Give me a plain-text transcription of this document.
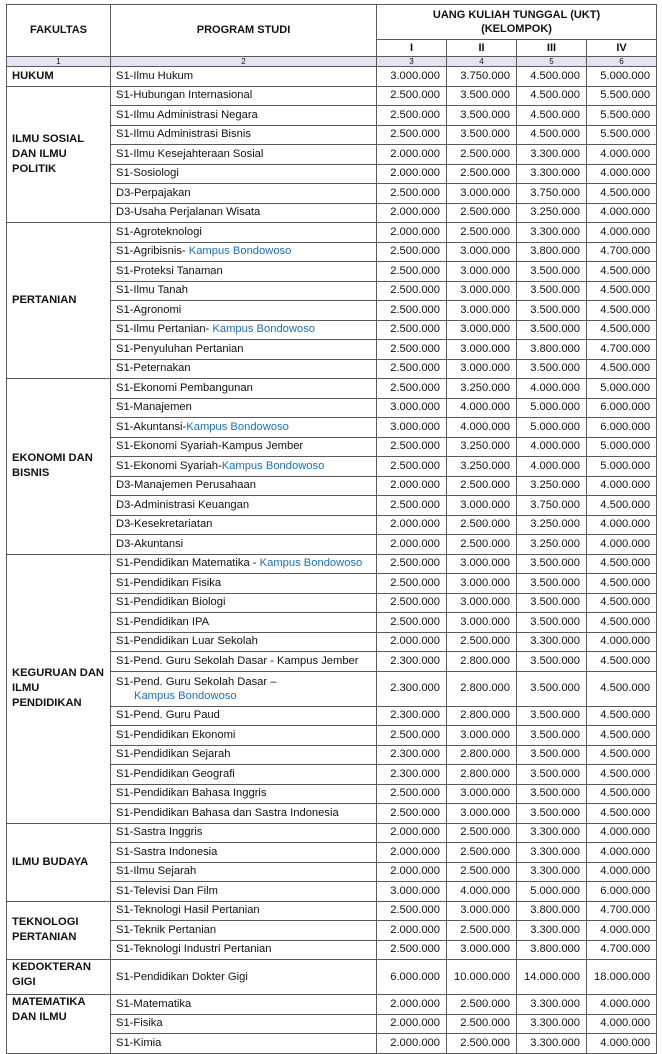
FAKULTAS	PROGRAM STUDI	UANG KULIAH TUNGGAL (UKT)
(KELOMPOK)			
		I	II	III	IV
1	2	3	4	5	6
HUKUM	S1-Ilmu Hukum	3.000.000	3.750.000	4.500.000	5.000.000
ILMU SOSIAL DAN ILMU POLITIK	S1-Hubungan Internasional	2.500.000	3.500.000	4.500.000	5.500.000
	S1-Ilmu Administrasi Negara	2.500.000	3.500.000	4.500.000	5.500.000
	S1-Ilmu Administrasi Bisnis	2.500.000	3.500.000	4.500.000	5.500.000
	S1-Ilmu Kesejahteraan Sosial	2.000.000	2.500.000	3.300.000	4.000.000
	S1-Sosiologi	2.000.000	2.500.000	3.300.000	4.000.000
	D3-Perpajakan	2.500.000	3.000.000	3.750.000	4.500.000
	D3-Usaha Perjalanan Wisata	2.000.000	2.500.000	3.250.000	4.000.000
PERTANIAN	S1-Agroteknologi	2.000.000	2.500.000	3.300.000	4.000.000
	S1-Agribisnis- Kampus Bondowoso	2.500.000	3.000.000	3.800.000	4.700.000
	S1-Proteksi Tanaman	2.500.000	3.000.000	3.500.000	4.500.000
	S1-Ilmu Tanah	2.500.000	3.000.000	3.500.000	4.500.000
	S1-Agronomi	2.500.000	3.000.000	3.500.000	4.500.000
	S1-Ilmu Pertanian- Kampus Bondowoso	2.500.000	3.000.000	3.500.000	4.500.000
	S1-Penyuluhan Pertanian	2.500.000	3.000.000	3.800.000	4.700.000
	S1-Peternakan	2.500.000	3.000.000	3.500.000	4.500.000
EKONOMI DAN BISNIS	S1-Ekonomi Pembangunan	2.500.000	3.250.000	4.000.000	5.000.000
	S1-Manajemen	3.000.000	4.000.000	5.000.000	6.000.000
	S1-Akuntansi-Kampus Bondowoso	3.000.000	4.000.000	5.000.000	6.000.000
	S1-Ekonomi Syariah-Kampus Jember	2.500.000	3.250.000	4.000.000	5.000.000
	S1-Ekonomi Syariah-Kampus Bondowoso	2.500.000	3.250.000	4.000.000	5.000.000
	D3-Manajemen Perusahaan	2.000.000	2.500.000	3.250.000	4.000.000
	D3-Administrasi Keuangan	2.500.000	3.000.000	3.750.000	4.500.000
	D3-Kesekretariatan	2.000.000	2.500.000	3.250.000	4.000.000
	D3-Akuntansi	2.000.000	2.500.000	3.250.000	4.000.000
KEGURUAN DAN ILMU PENDIDIKAN	S1-Pendidikan Matematika - Kampus Bondowoso	2.500.000	3.000.000	3.500.000	4.500.000
	S1-Pendidikan Fisika	2.500.000	3.000.000	3.500.000	4.500.000
	S1-Pendidikan Biologi	2.500.000	3.000.000	3.500.000	4.500.000
	S1-Pendidikan IPA	2.500.000	3.000.000	3.500.000	4.500.000
	S1-Pendidikan Luar Sekolah	2.000.000	2.500.000	3.300.000	4.000.000
	S1-Pend. Guru Sekolah Dasar - Kampus Jember	2.300.000	2.800.000	3.500.000	4.500.000
	S1-Pend. Guru Sekolah Dasar –
Kampus Bondowoso	2.300.000	2.800.000	3.500.000	4.500.000
	S1-Pend. Guru Paud	2.300.000	2.800.000	3.500.000	4.500.000
	S1-Pendidikan Ekonomi	2.500.000	3.000.000	3.500.000	4.500.000
	S1-Pendidikan Sejarah	2.300.000	2.800.000	3.500.000	4.500.000
	S1-Pendidikan Geografi	2.300.000	2.800.000	3.500.000	4.500.000
	S1-Pendidikan Bahasa Inggris	2.500.000	3.000.000	3.500.000	4.500.000
	S1-Pendidikan Bahasa dan Sastra Indonesia	2.500.000	3.000.000	3.500.000	4.500.000
ILMU BUDAYA	S1-Sastra Inggris	2.000.000	2.500.000	3.300.000	4.000.000
	S1-Sastra Indonesia	2.000.000	2.500.000	3.300.000	4.000.000
	S1-Ilmu Sejarah	2.000.000	2.500.000	3.300.000	4.000.000
	S1-Televisi Dan Film	3.000.000	4.000.000	5.000.000	6.000.000
TEKNOLOGI PERTANIAN	S1-Teknologi Hasil Pertanian	2.500.000	3.000.000	3.800.000	4.700.000
	S1-Teknik Pertanian	2.000.000	2.500.000	3.300.000	4.000.000
	S1-Teknologi Industri Pertanian	2.500.000	3.000.000	3.800.000	4.700.000
KEDOKTERAN GIGI	S1-Pendidikan Dokter Gigi	6.000.000	10.000.000	14.000.000	18.000.000
MATEMATIKA DAN ILMU	S1-Matematika	2.000.000	2.500.000	3.300.000	4.000.000
	S1-Fisika	2.000.000	2.500.000	3.300.000	4.000.000
	S1-Kimia	2.000.000	2.500.000	3.300.000	4.000.000
